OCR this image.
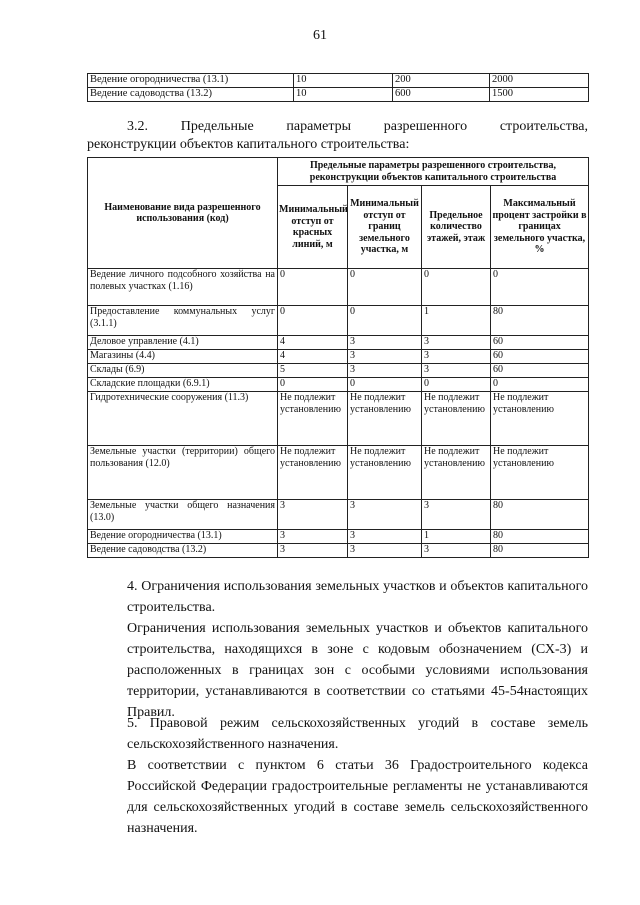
61
Ведение огородничества (13.1)	10	200	2000
Ведение садоводства (13.2)	10	600	1500
3.2. Предельные параметры разрешенного строительства,
реконструкции объектов капитального строительства:
Наименование вида разрешенного использования (код)	Предельные параметры разрешенного строительства, реконструкции объектов капитального строительства			
	Минимальный отступ от красных линий, м	Минимальный отступ от границ земельного участка, м	Предельное количество этажей, этаж	Максимальный процент застройки в границах земельного участка, %
Ведение личного подсобного хозяйства на полевых участках (1.16)	0	0	0	0
Предоставление коммунальных услуг (3.1.1)	0	0	1	80
Деловое управление (4.1)	4	3	3	60
Магазины (4.4)	4	3	3	60
Склады (6.9)	5	3	3	60
Складские площадки (6.9.1)	0	0	0	0
Гидротехнические сооружения (11.3)	Не подлежит установлению	Не подлежит установлению	Не подлежит установлению	Не подлежит установлению
Земельные участки (территории) общего пользования (12.0)	Не подлежит установлению	Не подлежит установлению	Не подлежит установлению	Не подлежит установлению
Земельные участки общего назначения (13.0)	3	3	3	80
Ведение огородничества (13.1)	3	3	1	80
Ведение садоводства (13.2)	3	3	3	80
4. Ограничения использования земельных участков и объектов капитального строительства.
Ограничения использования земельных участков и объектов капитального строительства, находящихся в зоне с кодовым обозначением (СХ-3) и расположенных в границах зон с особыми условиями использования территории, устанавливаются в соответствии со статьями 45-54настоящих Правил.
5. Правовой режим сельскохозяйственных угодий в составе земель сельскохозяйственного назначения.
В соответствии с пунктом 6 статьи 36 Градостроительного кодекса Российской Федерации градостроительные регламенты не устанавливаются для сельскохозяйственных угодий в составе земель сельскохозяйственного назначения.
